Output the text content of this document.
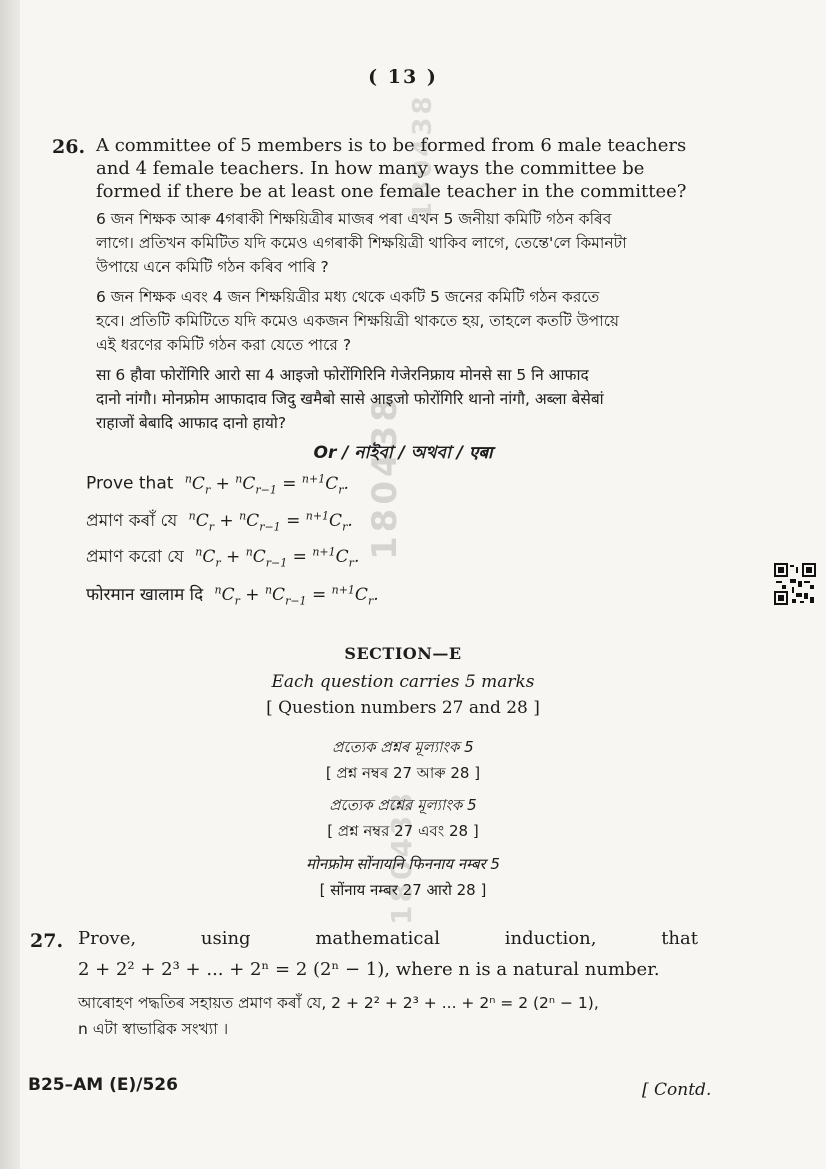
( 13 )
26. A committee of 5 members is to be formed from 6 male teachers
and 4 female teachers. In how many ways the committee be
formed if there be at least one female teacher in the committee?
6 জন শিক্ষক আৰু 4গৰাকী শিক্ষয়িত্ৰীৰ মাজৰ পৰা এখন 5 জনীয়া কমিটি গঠন কৰিব
লাগে। প্ৰতিখন কমিটিত যদি কমেও এগৰাকী শিক্ষয়িত্ৰী থাকিব লাগে, তেন্তে'লে কিমানটা
উপায়ে এনে কমিটি গঠন কৰিব পাৰি ?
6 জন শিক্ষক এবং 4 জন শিক্ষয়িত্রীর মধ্য থেকে একটি 5 জনের কমিটি গঠন করতে
হবে। প্রতিটি কমিটিতে যদি কমেও একজন শিক্ষয়িত্রী থাকতে হয়, তাহলে কতটি উপায়ে
এই ধরণের কমিটি গঠন করা যেতে পারে ?
सा 6 हौवा फोरोंगिरि आरो सा 4 आइजो फोरोंगिरिनि गेजेरनिफ्राय मोनसे सा 5 नि आफाद
दानो नांगौ। मोनफ्रोम आफादाव जिदु खमैबो सासे आइजो फोरोंगिरि थानो नांगौ, अब्ला बेसेबां
राहाजों बेबादि आफाद दानो हायो?
Or / নাইবা / অথবা / एबा
Prove that $^nC_r + ^nC_{r-1} = ^{n+1}C_r$.
প্ৰমাণ কৰাঁ যে $^nC_r + ^nC_{r-1} = ^{n+1}C_r$.
প্রমাণ করো যে $^nC_r + ^nC_{r-1} = ^{n+1}C_r$.
फोरमान खालाम दि $^nC_r + ^nC_{r-1} = ^{n+1}C_r$.
SECTION—E
Each question carries 5 marks
[ Question numbers 27 and 28 ]
প্ৰত্যেক প্ৰশ্নৰ মূল্যাংক 5
[ প্ৰশ্ন নম্বৰ 27 আৰু 28 ]
প্রত্যেক প্রশ্নের মূল্যাংক 5
[ প্রশ্ন নম্বর 27 এবং 28 ]
मोनफ्रोम सोंनायनि फिननाय नम्बर 5
[ सोंनाय नम्बर 27 आरो 28 ]
27. Prove,	using	mathematical	induction,	that
2 + 2² + 2³ + ... + 2ⁿ = 2 (2ⁿ − 1), where n is a natural number.
আৰোহণ পদ্ধতিৰ সহায়ত প্ৰমাণ কৰাঁ যে, 2 + 2² + 2³ + ... + 2ⁿ = 2 (2ⁿ − 1),
n এটা স্বাভাৱিক সংখ্যা ।
B25–AM (E)/526	[ Contd.
180438
180438
180438
